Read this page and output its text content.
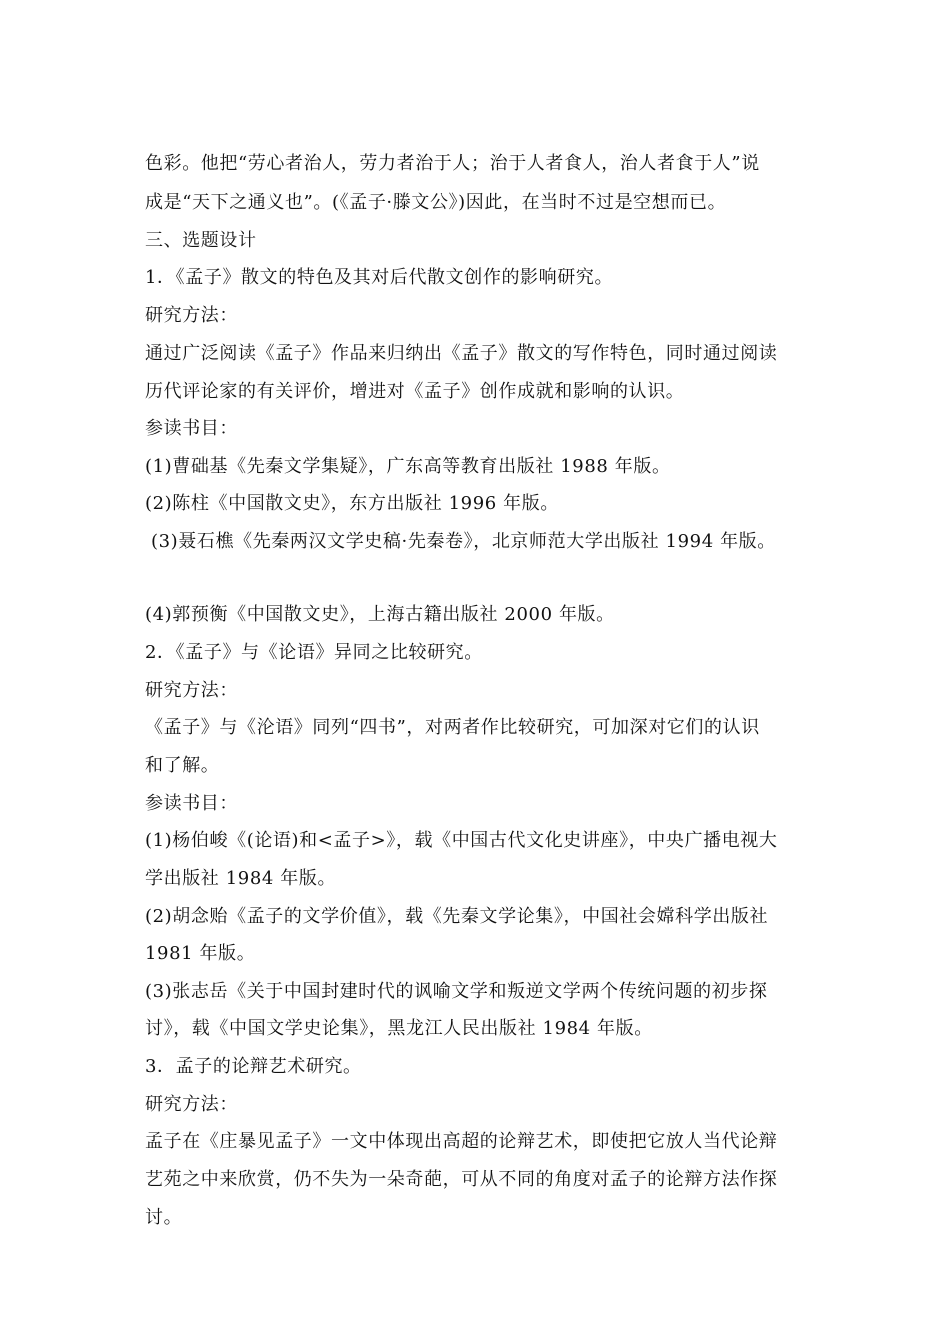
色彩。他把“劳心者治人，劳力者治于人；治于人者食人，治人者食于人”说
成是“天下之通义也”。(《孟子·滕文公》)因此，在当时不过是空想而已。
三、选题设计
1．《孟子》散文的特色及其对后代散文创作的影响研究。
研究方法：
通过广泛阅读《孟子》作品来归纳出《孟子》散文的写作特色，同时通过阅读
历代评论家的有关评价，增进对《孟子》创作成就和影响的认识。
参读书目：
(1)曹础基《先秦文学集疑》，广东高等教育出版社 1988 年版。
(2)陈柱《中国散文史》，东方出版社 1996 年版。
(3)聂石樵《先秦两汉文学史稿·先秦卷》，北京师范大学出版社 1994 年版。
(4)郭预衡《中国散文史》，上海古籍出版社 2000 年版。
2．《孟子》与《论语》异同之比较研究。
研究方法：
《孟子》与《沦语》同列“四书”，对两者作比较研究，可加深对它们的认识
和了解。
参读书目：
(1)杨伯峻《(论语)和<孟子>》，载《中国古代文化史讲座》，中央广播电视大
学出版社 1984 年版。
(2)胡念贻《孟子的文学价值》，载《先秦文学论集》，中国社会嫦科学出版社
1981 年版。
(3)张志岳《关于中国封建时代的讽喻文学和叛逆文学两个传统问题的初步探
讨》，载《中国文学史论集》，黑龙江人民出版社 1984 年版。
3．孟子的论辩艺术研究。
研究方法：
孟子在《庄暴见孟子》一文中体现出高超的论辩艺术，即使把它放人当代论辩
艺苑之中来欣赏，仍不失为一朵奇葩，可从不同的角度对孟子的论辩方法作探
讨。
